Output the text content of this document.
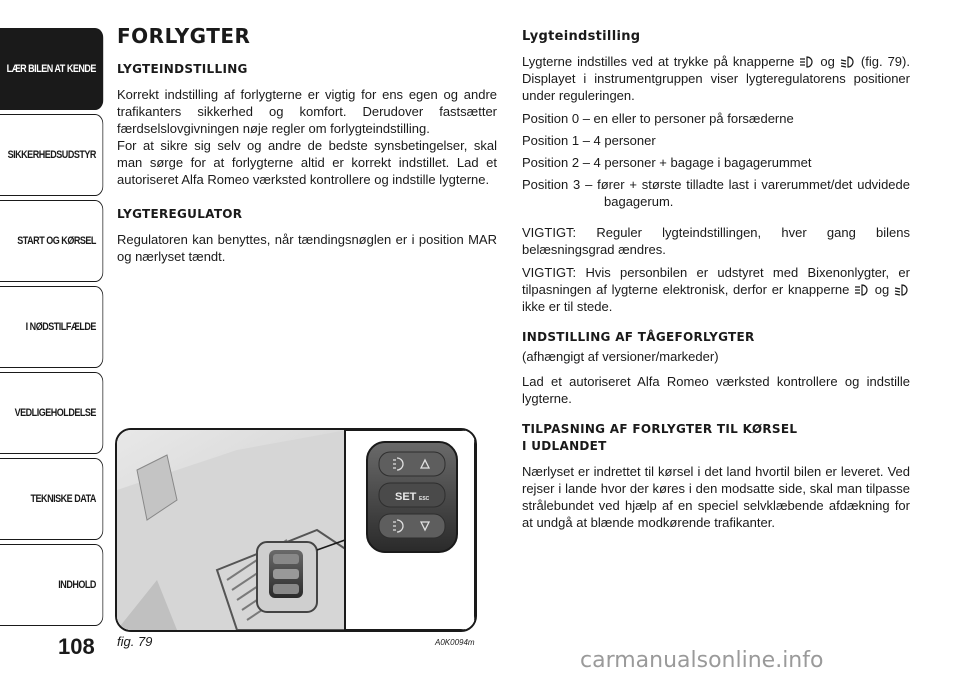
LÆR BILEN AT KENDE
SIKKERHEDSUDSTYR
START OG KØRSEL
I NØDSTILFÆLDE
VEDLIGEHOLDELSE
TEKNISKE DATA
INDHOLD
108
FORLYGTER
LYGTEINDSTILLING

Korrekt indstilling af forlygterne er vigtig for ens egen og andre trafikanters sikkerhed og komfort. Derudover fastsætter færdselslovgivningen nøje regler om forlygteindstilling.

For at sikre sig selv og andre de bedste synsbetingelser, skal man sørge for at forlygterne altid er korrekt indstillet. Lad et autoriseret Alfa Romeo værksted kontrollere og indstille lygterne.

LYGTEREGULATOR

Regulatoren kan benyttes, når tændingsnøglen er i position MAR og nærlyset tændt.

SET ESC
fig. 79	A0K0094m
Lygteindstilling

Lygterne indstilles ved at trykke på knapperne og (fig. 79). Displayet i instrumentgruppen viser lygteregulatorens positioner under reguleringen.

Position 0 – en eller to personer på forsæderne

Position 1 – 4 personer

Position 2 – 4 personer + bagage i bagagerummet

Position 3 – fører + største tilladte last i varerummet/det udvidede bagagerum.

VIGTIGT: Reguler lygteindstillingen, hver gang bilens belæsningsgrad ændres.

VIGTIGT: Hvis personbilen er udstyret med Bixenonlygter, er tilpasningen af lygterne elektronisk, derfor er knapperne og  ikke er til stede.

INDSTILLING AF TÅGEFORLYGTER

(afhængigt af versioner/markeder)

Lad et autoriseret Alfa Romeo værksted kontrollere og indstille lygterne.

TILPASNING AF FORLYGTER TIL KØRSEL
I UDLANDET

Nærlyset er indrettet til kørsel i det land hvortil bilen er leveret. Ved rejser i lande hvor der køres i den modsatte side, skal man tilpasse strålebundet ved hjælp af en speciel selvklæbende afdækning for at undgå at blænde modkørende trafikanter.

carmanualsonline.info
